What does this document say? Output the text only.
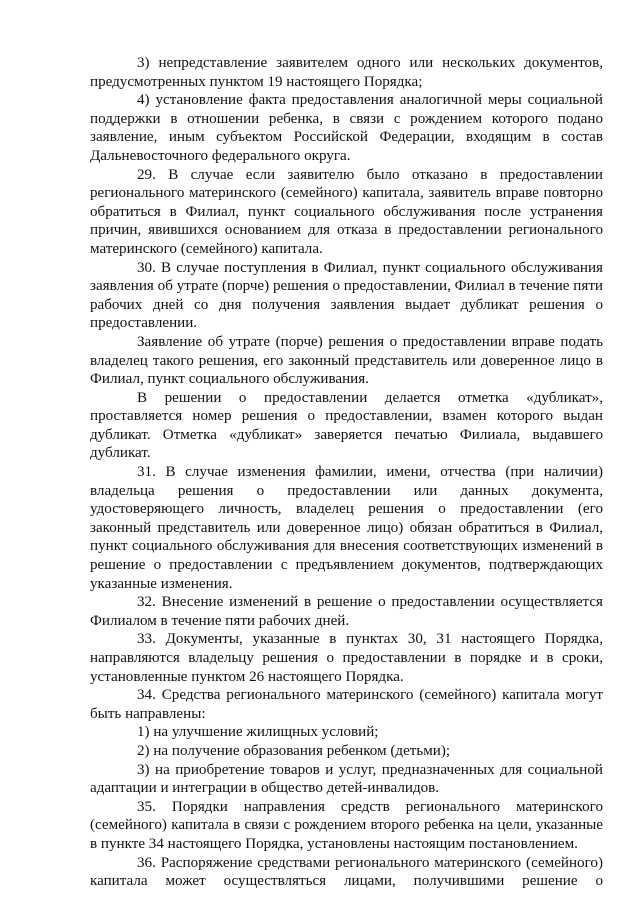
3) непредставление заявителем одного или нескольких документов, предусмотренных пунктом 19 настоящего Порядка;

4) установление факта предоставления аналогичной меры социальной поддержки в отношении ребенка, в связи с рождением которого подано заявление, иным субъектом Российской Федерации, входящим в состав Дальневосточного федерального округа.

29. В случае если заявителю было отказано в предоставлении регионального материнского (семейного) капитала, заявитель вправе повторно обратиться в Филиал, пункт социального обслуживания после устранения причин, явившихся основанием для отказа в предоставлении регионального материнского (семейного) капитала.

30. В случае поступления в Филиал, пункт социального обслуживания заявления об утрате (порче) решения о предоставлении, Филиал в течение пяти рабочих дней со дня получения заявления выдает дубликат решения о предоставлении.

Заявление об утрате (порче) решения о предоставлении вправе подать владелец такого решения, его законный представитель или доверенное лицо в Филиал, пункт социального обслуживания.

В решении о предоставлении делается отметка «дубликат», проставляется номер решения о предоставлении, взамен которого выдан дубликат. Отметка «дубликат» заверяется печатью Филиала, выдавшего дубликат.

31. В случае изменения фамилии, имени, отчества (при наличии) владельца решения о предоставлении или данных документа, удостоверяющего личность, владелец решения о предоставлении (его законный представитель или доверенное лицо) обязан обратиться в Филиал, пункт социального обслуживания для внесения соответствующих изменений в решение о предоставлении с предъявлением документов, подтверждающих указанные изменения.

32. Внесение изменений в решение о предоставлении осуществляется Филиалом в течение пяти рабочих дней.

33. Документы, указанные в пунктах 30, 31 настоящего Порядка, направляются владельцу решения о предоставлении в порядке и в сроки, установленные пунктом 26 настоящего Порядка.

34. Средства регионального материнского (семейного) капитала могут быть направлены:

1) на улучшение жилищных условий;

2) на получение образования ребенком (детьми);

3) на приобретение товаров и услуг, предназначенных для социальной адаптации и интеграции в общество детей-инвалидов.

35. Порядки направления средств регионального материнского (семейного) капитала в связи с рождением второго ребенка на цели, указанные в пункте 34 настоящего Порядка, установлены настоящим постановлением.

36. Распоряжение средствами регионального материнского (семейного) капитала может осуществляться лицами, получившими решение о
